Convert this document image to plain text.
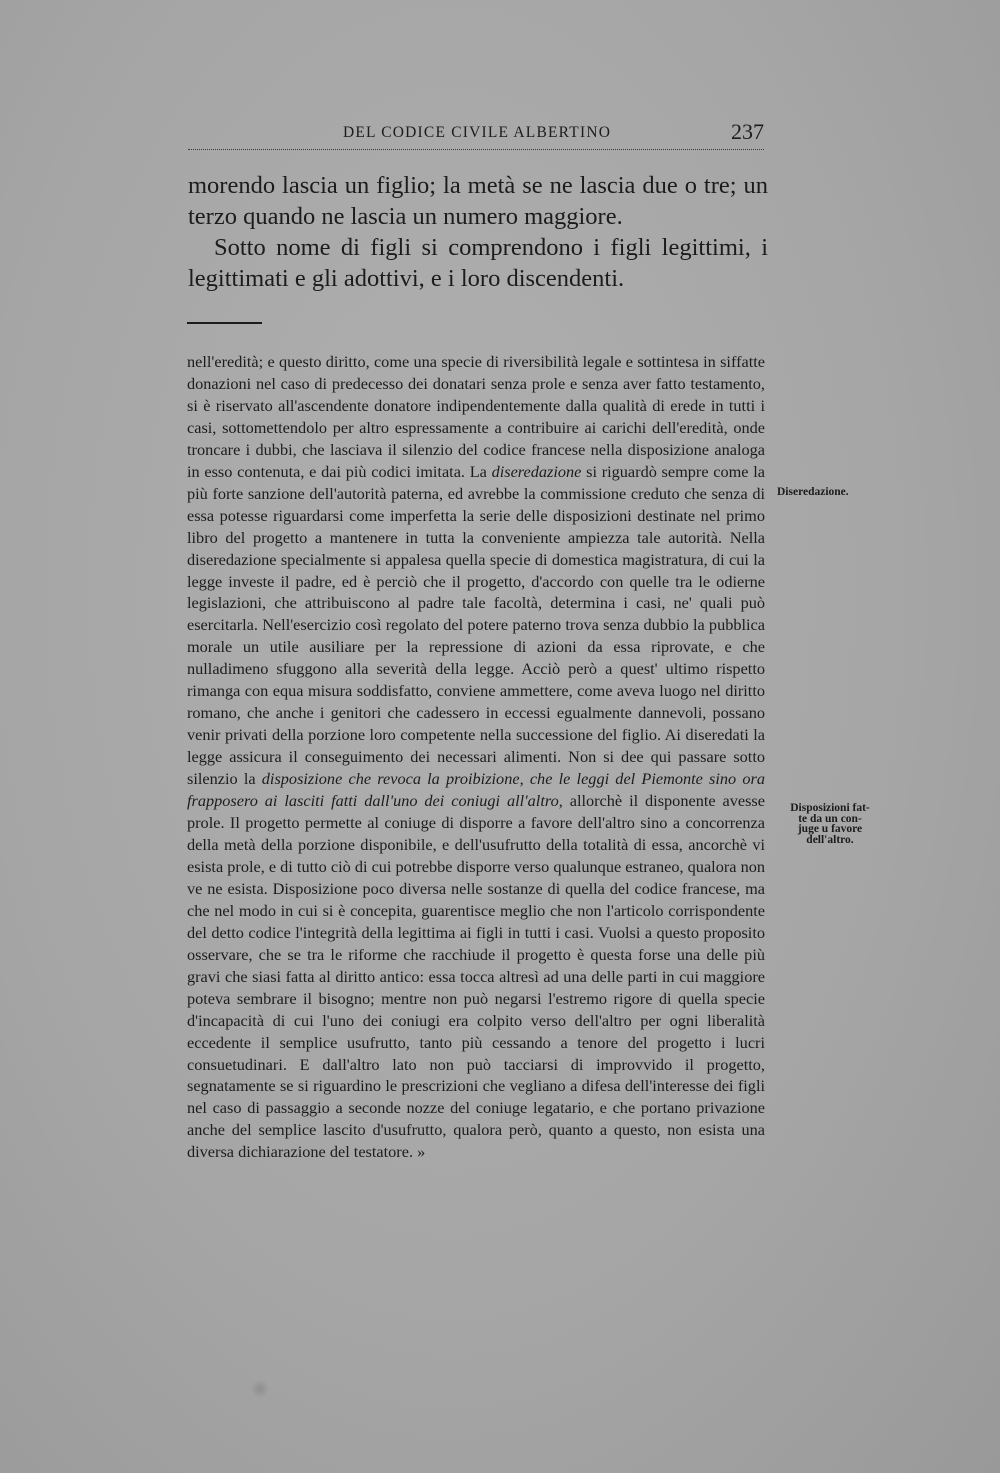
DEL CODICE CIVILE ALBERTINO	237

morendo lascia un figlio; la metà se ne lascia due o tre; un terzo quando ne lascia un numero maggiore.

Sotto nome di figli si comprendono i figli legittimi, i legittimati e gli adottivi, e i loro discendenti.

nell'eredità; e questo diritto, come una specie di riversibilità legale e sottintesa in siffatte donazioni nel caso di predecesso dei donatari senza prole e senza aver fatto testamento, si è riservato all'ascendente donatore indipendentemente dalla qualità di erede in tutti i casi, sottomettendolo per altro espressamente a contribuire ai carichi dell'eredità, onde troncare i dubbi, che lasciava il silenzio del codice francese nella disposizione analoga in esso contenuta, e dai più codici imitata. La diseredazione si riguardò sempre come la più forte sanzione dell'autorità paterna, ed avrebbe la commissione creduto che senza di essa potesse riguardarsi come imperfetta la serie delle disposizioni destinate nel primo libro del progetto a mantenere in tutta la conveniente ampiezza tale autorità. Nella diseredazione specialmente si appalesa quella specie di domestica magistratura, di cui la legge investe il padre, ed è perciò che il progetto, d'accordo con quelle tra le odierne legislazioni, che attribuiscono al padre tale facoltà, determina i casi, ne' quali può esercitarla. Nell'esercizio così regolato del potere paterno trova senza dubbio la pubblica morale un utile ausiliare per la repressione di azioni da essa riprovate, e che nulladimeno sfuggono alla severità della legge. Acciò però a quest' ultimo rispetto rimanga con equa misura soddisfatto, conviene ammettere, come aveva luogo nel diritto romano, che anche i genitori che cadessero in eccessi egualmente dannevoli, possano venir privati della porzione loro competente nella successione del figlio. Ai diseredati la legge assicura il conseguimento dei necessari alimenti. Non si dee qui passare sotto silenzio la disposizione che revoca la proibizione, che le leggi del Piemonte sino ora frapposero ai lasciti fatti dall'uno dei coniugi all'altro, allorchè il disponente avesse prole. Il progetto permette al coniuge di disporre a favore dell'altro sino a concorrenza della metà della porzione disponibile, e dell'usufrutto della totalità di essa, ancorchè vi esista prole, e di tutto ciò di cui potrebbe disporre verso qualunque estraneo, qualora non ve ne esista. Disposizione poco diversa nelle sostanze di quella del codice francese, ma che nel modo in cui si è concepita, guarentisce meglio che non l'articolo corrispondente del detto codice l'integrità della legittima ai figli in tutti i casi. Vuolsi a questo proposito osservare, che se tra le riforme che racchiude il progetto è questa forse una delle più gravi che siasi fatta al diritto antico: essa tocca altresì ad una delle parti in cui maggiore poteva sembrare il bisogno; mentre non può negarsi l'estremo rigore di quella specie d'incapacità di cui l'uno dei coniugi era colpito verso dell'altro per ogni liberalità eccedente il semplice usufrutto, tanto più cessando a tenore del progetto i lucri consuetudinari. E dall'altro lato non può tacciarsi di improvvido il progetto, segnatamente se si riguardino le prescrizioni che vegliano a difesa dell'interesse dei figli nel caso di passaggio a seconde nozze del coniuge legatario, e che portano privazione anche del semplice lascito d'usufrutto, qualora però, quanto a questo, non esista una diversa dichiarazione del testatore. »

Diseredazione.
Disposizioni fat-
te da un con-
juge u favore
dell'altro.
